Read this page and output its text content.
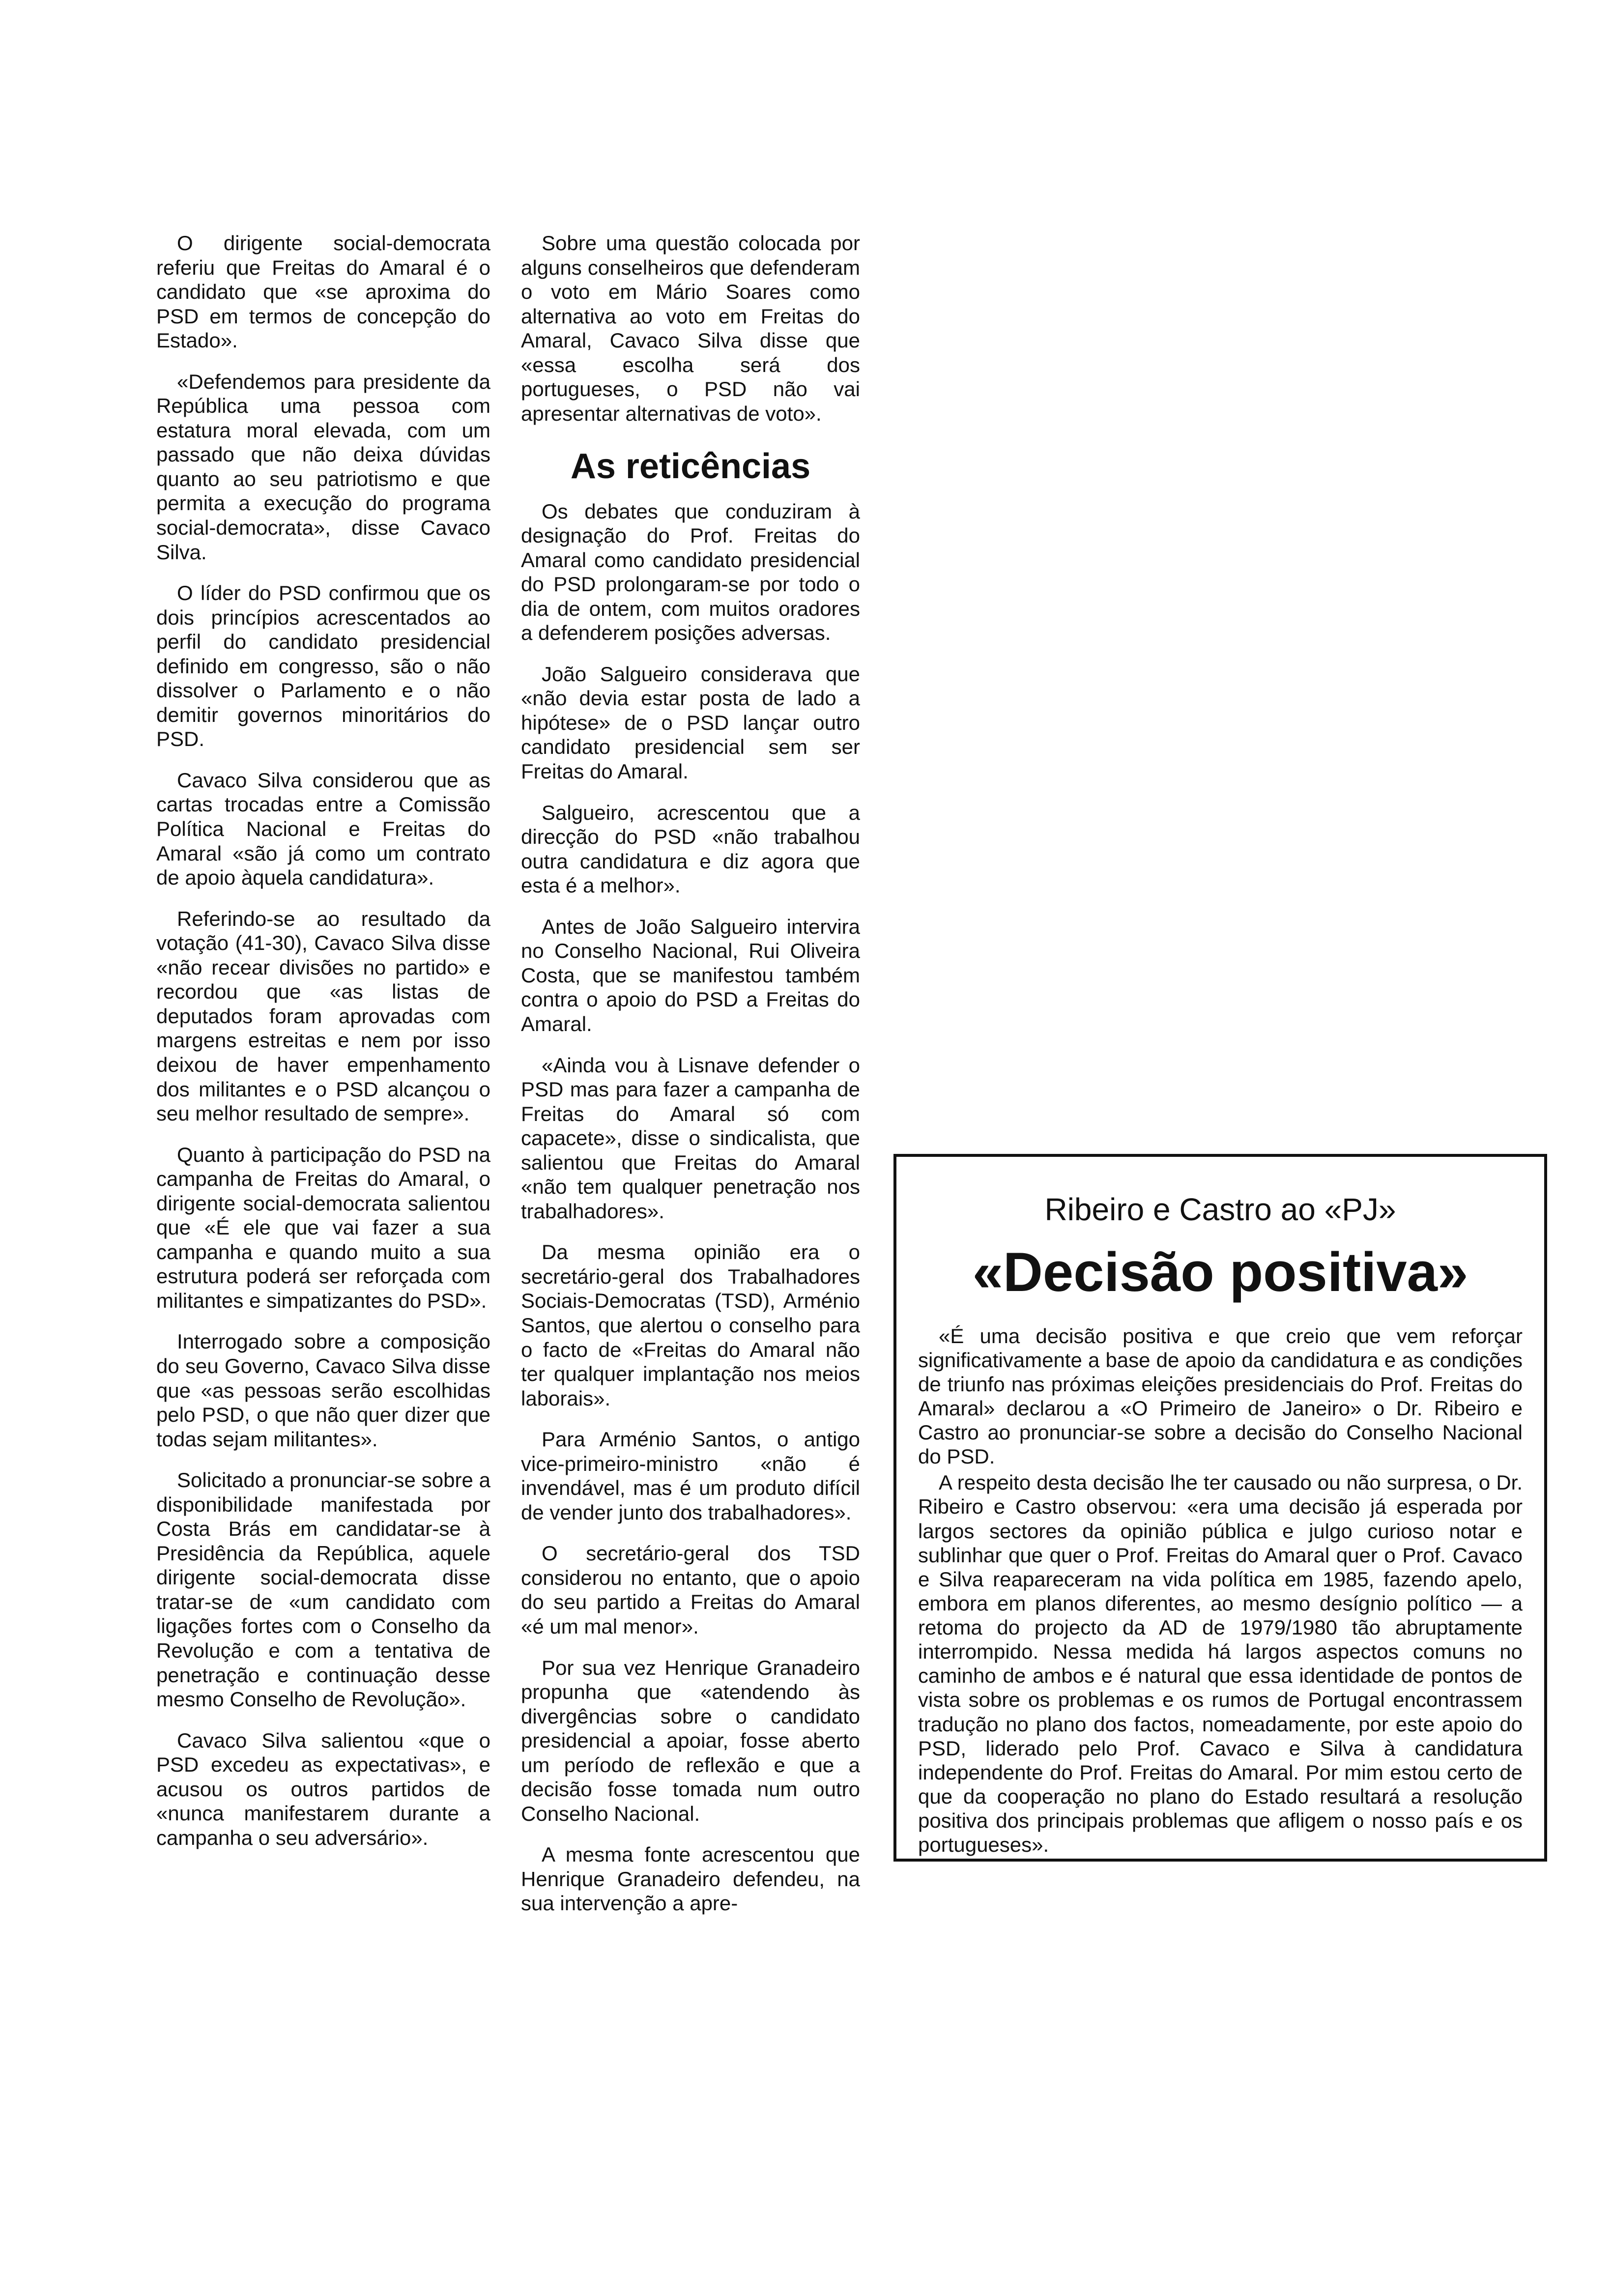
O dirigente social-democrata referiu que Freitas do Amaral é o candidato que «se aproxima do PSD em termos de concepção do Estado».

«Defendemos para presidente da República uma pessoa com estatura moral elevada, com um passado que não deixa dúvidas quanto ao seu patriotismo e que permita a execução do programa social-democrata», disse Cavaco Silva.

O líder do PSD confirmou que os dois princípios acrescentados ao perfil do candidato presidencial definido em congresso, são o não dissolver o Parlamento e o não demitir governos minoritários do PSD.

Cavaco Silva considerou que as cartas trocadas entre a Comissão Política Nacional e Freitas do Amaral «são já como um contrato de apoio àquela candidatura».

Referindo-se ao resultado da votação (41-30), Cavaco Silva disse «não recear divisões no partido» e recordou que «as listas de deputados foram aprovadas com margens estreitas e nem por isso deixou de haver empenhamento dos militantes e o PSD alcançou o seu melhor resultado de sempre».

Quanto à participação do PSD na campanha de Freitas do Amaral, o dirigente social-democrata salientou que «É ele que vai fazer a sua campanha e quando muito a sua estrutura poderá ser reforçada com militantes e simpatizantes do PSD».

Interrogado sobre a composição do seu Governo, Cavaco Silva disse que «as pessoas serão escolhidas pelo PSD, o que não quer dizer que todas sejam militantes».

Solicitado a pronunciar-se sobre a disponibilidade manifestada por Costa Brás em candidatar-se à Presidência da República, aquele dirigente social-democrata disse tratar-se de «um candidato com ligações fortes com o Conselho da Revolução e com a tentativa de penetração e continuação desse mesmo Conselho de Revolução».

Cavaco Silva salientou «que o PSD excedeu as expectativas», e acusou os outros partidos de «nunca manifestarem durante a campanha o seu adversário».

Sobre uma questão colocada por alguns conselheiros que defenderam o voto em Mário Soares como alternativa ao voto em Freitas do Amaral, Cavaco Silva disse que «essa escolha será dos portugueses, o PSD não vai apresentar alternativas de voto».

As reticências

Os debates que conduziram à designação do Prof. Freitas do Amaral como candidato presidencial do PSD prolongaram-se por todo o dia de ontem, com muitos oradores a defenderem posições adversas.

João Salgueiro considerava que «não devia estar posta de lado a hipótese» de o PSD lançar outro candidato presidencial sem ser Freitas do Amaral.

Salgueiro, acrescentou que a direcção do PSD «não trabalhou outra candidatura e diz agora que esta é a melhor».

Antes de João Salgueiro intervira no Conselho Nacional, Rui Oliveira Costa, que se manifestou também contra o apoio do PSD a Freitas do Amaral.

«Ainda vou à Lisnave defender o PSD mas para fazer a campanha de Freitas do Amaral só com capacete», disse o sindicalista, que salientou que Freitas do Amaral «não tem qualquer penetração nos trabalhadores».

Da mesma opinião era o secretário-geral dos Trabalhadores Sociais-Democratas (TSD), Arménio Santos, que alertou o conselho para o facto de «Freitas do Amaral não ter qualquer implantação nos meios laborais».

Para Arménio Santos, o antigo vice-primeiro-ministro «não é invendável, mas é um produto difícil de vender junto dos trabalhadores».

O secretário-geral dos TSD considerou no entanto, que o apoio do seu partido a Freitas do Amaral «é um mal menor».

Por sua vez Henrique Granadeiro propunha que «atendendo às divergências sobre o candidato presidencial a apoiar, fosse aberto um período de reflexão e que a decisão fosse tomada num outro Conselho Nacional.

A mesma fonte acrescentou que Henrique Granadeiro defendeu, na sua intervenção a apre-

Ribeiro e Castro ao «PJ»
«Decisão positiva»

«É uma decisão positiva e que creio que vem reforçar significativamente a base de apoio da candidatura e as condições de triunfo nas próximas eleições presidenciais do Prof. Freitas do Amaral» declarou a «O Primeiro de Janeiro» o Dr. Ribeiro e Castro ao pronunciar-se sobre a decisão do Conselho Nacional do PSD.

A respeito desta decisão lhe ter causado ou não surpresa, o Dr. Ribeiro e Castro observou: «era uma decisão já esperada por largos sectores da opinião pública e julgo curioso notar e sublinhar que quer o Prof. Freitas do Amaral quer o Prof. Cavaco e Silva reapareceram na vida política em 1985, fazendo apelo, embora em planos diferentes, ao mesmo desígnio político — a retoma do projecto da AD de 1979/1980 tão abruptamente interrompido. Nessa medida há largos aspectos comuns no caminho de ambos e é natural que essa identidade de pontos de vista sobre os problemas e os rumos de Portugal encontrassem tradução no plano dos factos, nomeadamente, por este apoio do PSD, liderado pelo Prof. Cavaco e Silva à candidatura independente do Prof. Freitas do Amaral. Por mim estou certo de que da cooperação no plano do Estado resultará a resolução positiva dos principais problemas que afligem o nosso país e os portugueses».
